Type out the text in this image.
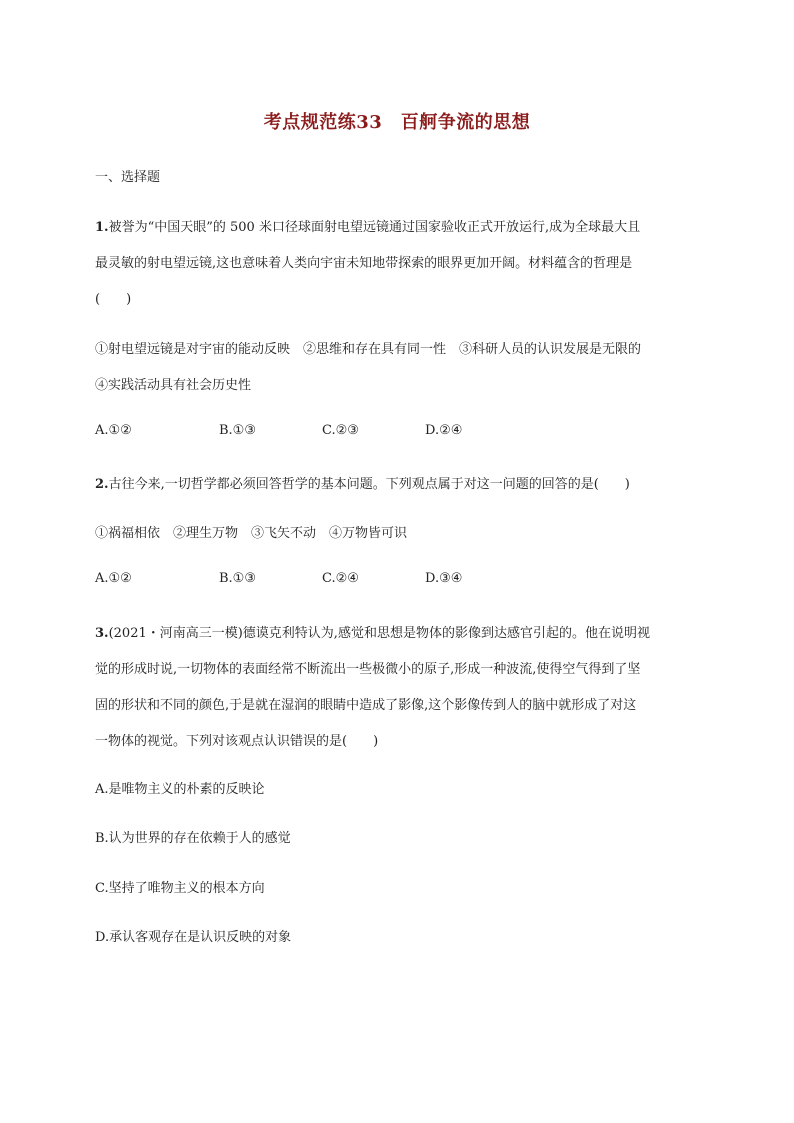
考点规范练33　百舸争流的思想
一、选择题
1.被誉为“中国天眼”的 500 米口径球面射电望远镜通过国家验收正式开放运行,成为全球最大且
最灵敏的射电望远镜,这也意味着人类向宇宙未知地带探索的眼界更加开阔。材料蕴含的哲理是
(　　)
①射电望远镜是对宇宙的能动反映　②思维和存在具有同一性　③科研人员的认识发展是无限的
④实践活动具有社会历史性
A.①②	B.①③	C.②③	D.②④
2.古往今来,一切哲学都必须回答哲学的基本问题。下列观点属于对这一问题的回答的是(　　)
①祸福相依　②理生万物　③飞矢不动　④万物皆可识
A.①②	B.①③	C.②④	D.③④
3.(2021・河南高三一模)德谟克利特认为,感觉和思想是物体的影像到达感官引起的。他在说明视
觉的形成时说,一切物体的表面经常不断流出一些极微小的原子,形成一种波流,使得空气得到了坚
固的形状和不同的颜色,于是就在湿润的眼睛中造成了影像,这个影像传到人的脑中就形成了对这
一物体的视觉。下列对该观点认识错误的是(　　)
A.是唯物主义的朴素的反映论
B.认为世界的存在依赖于人的感觉
C.坚持了唯物主义的根本方向
D.承认客观存在是认识反映的对象
